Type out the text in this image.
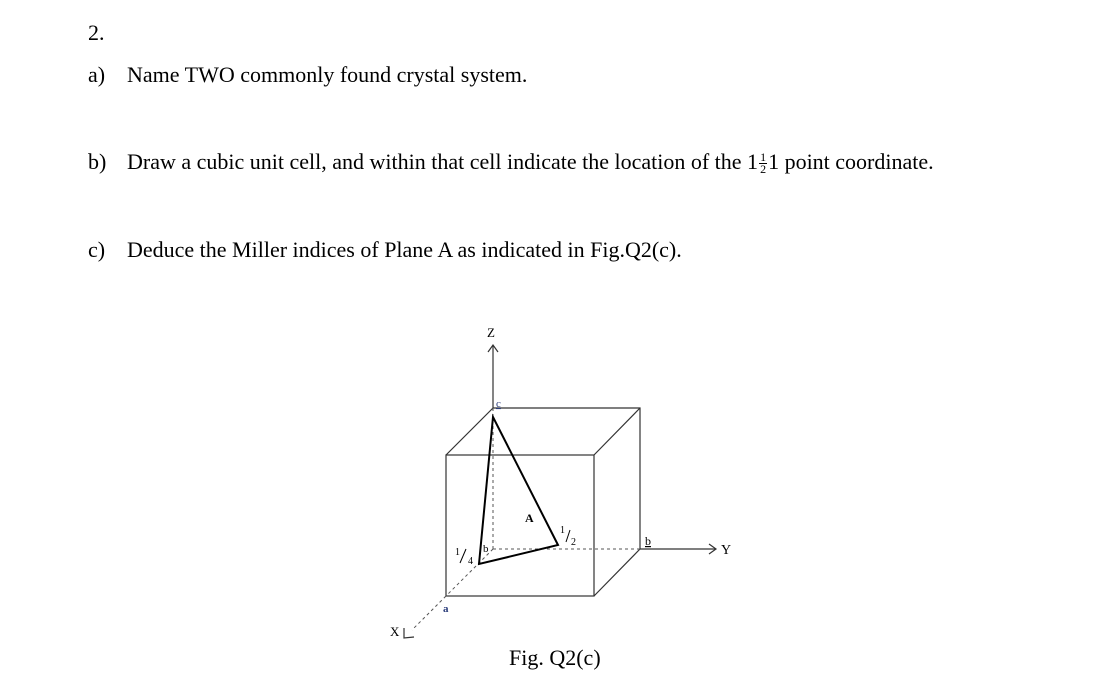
2.
a) Name TWO commonly found crystal system.
b) Draw a cubic unit cell, and within that cell indicate the location of the $1 \frac{1}{2} 1$ point coordinate.
c) Deduce the Miller indices of Plane A as indicated in Fig.Q2(c).
Z
Y
X
c
b
b
a
A
1
4
1
2
Fig. Q2(c)
